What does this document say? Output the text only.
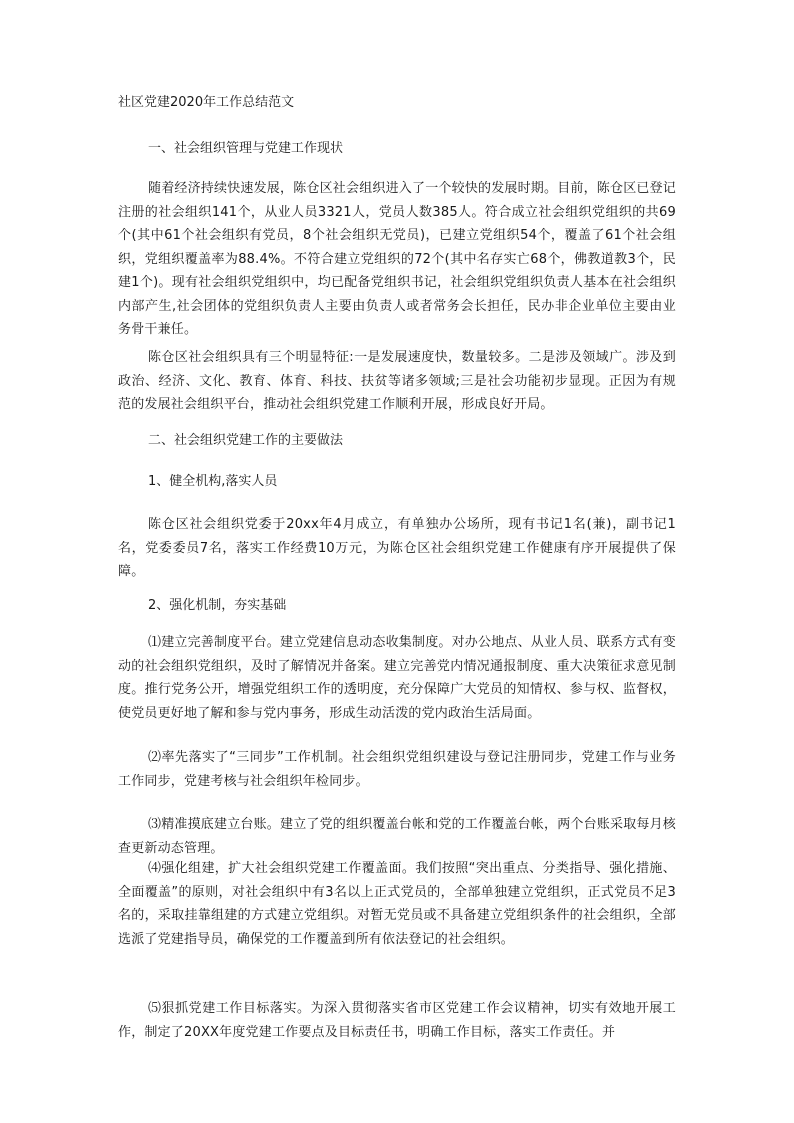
社区党建2020年工作总结范文
一、社会组织管理与党建工作现状

随着经济持续快速发展，陈仓区社会组织进入了一个较快的发展时期。目前，陈仓区已登记注册的社会组织141个，从业人员3321人，党员人数385人。符合成立社会组织党组织的共69个(其中61个社会组织有党员，8个社会组织无党员)，已建立党组织54个，覆盖了61个社会组织，党组织覆盖率为88.4%。不符合建立党组织的72个(其中名存实亡68个，佛教道教3个，民建1个)。现有社会组织党组织中，均已配备党组织书记，社会组织党组织负责人基本在社会组织内部产生,社会团体的党组织负责人主要由负责人或者常务会长担任，民办非企业单位主要由业务骨干兼任。

陈仓区社会组织具有三个明显特征:一是发展速度快，数量较多。二是涉及领域广。涉及到政治、经济、文化、教育、体育、科技、扶贫等诸多领域;三是社会功能初步显现。正因为有规范的发展社会组织平台，推动社会组织党建工作顺利开展，形成良好开局。

二、社会组织党建工作的主要做法
1、健全机构,落实人员

陈仓区社会组织党委于20xx年4月成立，有单独办公场所，现有书记1名(兼)，副书记1名，党委委员7名，落实工作经费10万元，为陈仓区社会组织党建工作健康有序开展提供了保障。

2、强化机制，夯实基础

⑴建立完善制度平台。建立党建信息动态收集制度。对办公地点、从业人员、联系方式有变动的社会组织党组织，及时了解情况并备案。建立完善党内情况通报制度、重大决策征求意见制度。推行党务公开，增强党组织工作的透明度，充分保障广大党员的知情权、参与权、监督权，使党员更好地了解和参与党内事务，形成生动活泼的党内政治生活局面。

⑵率先落实了“三同步”工作机制。社会组织党组织建设与登记注册同步，党建工作与业务工作同步，党建考核与社会组织年检同步。

⑶精准摸底建立台账。建立了党的组织覆盖台帐和党的工作覆盖台帐，两个台账采取每月核查更新动态管理。

⑷强化组建，扩大社会组织党建工作覆盖面。我们按照“突出重点、分类指导、强化措施、全面覆盖”的原则，对社会组织中有3名以上正式党员的，全部单独建立党组织，正式党员不足3名的，采取挂靠组建的方式建立党组织。对暂无党员或不具备建立党组织条件的社会组织，全部选派了党建指导员，确保党的工作覆盖到所有依法登记的社会组织。

⑸狠抓党建工作目标落实。为深入贯彻落实省市区党建工作会议精神，切实有效地开展工作，制定了20XX年度党建工作要点及目标责任书，明确工作目标，落实工作责任。并
